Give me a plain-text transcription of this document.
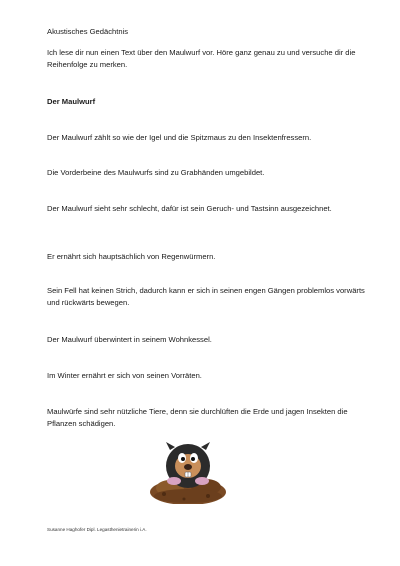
Akustisches Gedächtnis

Ich lese dir nun einen Text über den Maulwurf vor. Höre ganz genau zu und versuche dir die Reihenfolge zu merken.

Der Maulwurf

Der Maulwurf zählt so wie der Igel und die Spitzmaus zu den Insektenfressern.

Die Vorderbeine des Maulwurfs sind zu Grabhänden umgebildet.

Der Maulwurf sieht sehr schlecht, dafür ist sein Geruch- und Tastsinn ausgezeichnet.

Er ernährt sich hauptsächlich von Regenwürmern.

Sein Fell hat keinen Strich, dadurch kann er sich in seinen engen Gängen problemlos vorwärts und rückwärts bewegen.

Der Maulwurf überwintert in seinem Wohnkessel.

Im Winter ernährt er sich von seinen Vorräten.

Maulwürfe sind sehr nützliche Tiere, denn sie durchlüften die Erde und jagen Insekten die Pflanzen schädigen.

Susanne Haghofer Dipl. Legasthenietrainerin i.A.
